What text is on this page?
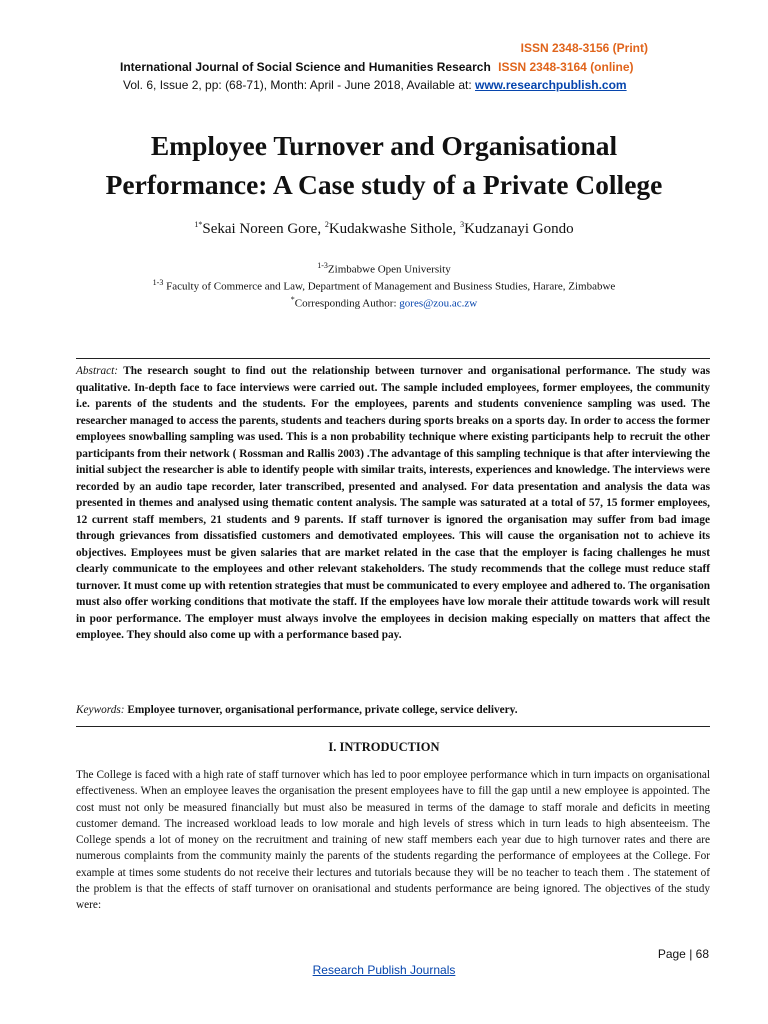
ISSN 2348-3156 (Print)
International Journal of Social Science and Humanities Research ISSN 2348-3164 (online)
Vol. 6, Issue 2, pp: (68-71), Month: April - June 2018, Available at: www.researchpublish.com
Employee Turnover and Organisational
Performance: A Case study of a Private College
$^{1*}$Sekai Noreen Gore, $^2$Kudakwashe Sithole, $^3$Kudzanayi Gondo
$^{1-3}$Zimbabwe Open University
$^{1-3}$ Faculty of Commerce and Law, Department of Management and Business Studies, Harare, Zimbabwe
*Corresponding Author: gores@zou.ac.zw

Abstract: The research sought to find out the relationship between turnover and organisational performance. The study was qualitative. In-depth face to face interviews were carried out. The sample included employees, former employees, the community i.e. parents of the students and the students. For the employees, parents and students convenience sampling was used. The researcher managed to access the parents, students and teachers during sports breaks on a sports day. In order to access the former employees snowballing sampling was used. This is a non probability technique where existing participants help to recruit the other participants from their network ( Rossman and Rallis 2003) .The advantage of this sampling technique is that after interviewing the initial subject the researcher is able to identify people with similar traits, interests, experiences and knowledge. The interviews were recorded by an audio tape recorder, later transcribed, presented and analysed. For data presentation and analysis the data was presented in themes and analysed using thematic content analysis. The sample was saturated at a total of 57, 15 former employees, 12 current staff members, 21 students and 9 parents. If staff turnover is ignored the organisation may suffer from bad image through grievances from dissatisfied customers and demotivated employees. This will cause the organisation not to achieve its objectives. Employees must be given salaries that are market related in the case that the employer is facing challenges he must clearly communicate to the employees and other relevant stakeholders. The study recommends that the college must reduce staff turnover. It must come up with retention strategies that must be communicated to every employee and adhered to. The organisation must also offer working conditions that motivate the staff. If the employees have low morale their attitude towards work will result in poor performance. The employer must always involve the employees in decision making especially on matters that affect the employee. They should also come up with a performance based pay.

Keywords: Employee turnover, organisational performance, private college, service delivery.

I. INTRODUCTION

The College is faced with a high rate of staff turnover which has led to poor employee performance which in turn impacts on organisational effectiveness. When an employee leaves the organisation the present employees have to fill the gap until a new employee is appointed. The cost must not only be measured financially but must also be measured in terms of the damage to staff morale and deficits in meeting customer demand. The increased workload leads to low morale and high levels of stress which in turn leads to high absenteeism. The College spends a lot of money on the recruitment and training of new staff members each year due to high turnover rates and there are numerous complaints from the community mainly the parents of the students regarding the performance of employees at the College. For example at times some students do not receive their lectures and tutorials because they will be no teacher to teach them . The statement of the problem is that the effects of staff turnover on oranisational and students performance are being ignored. The objectives of the study were:

Page | 68
Research Publish Journals
